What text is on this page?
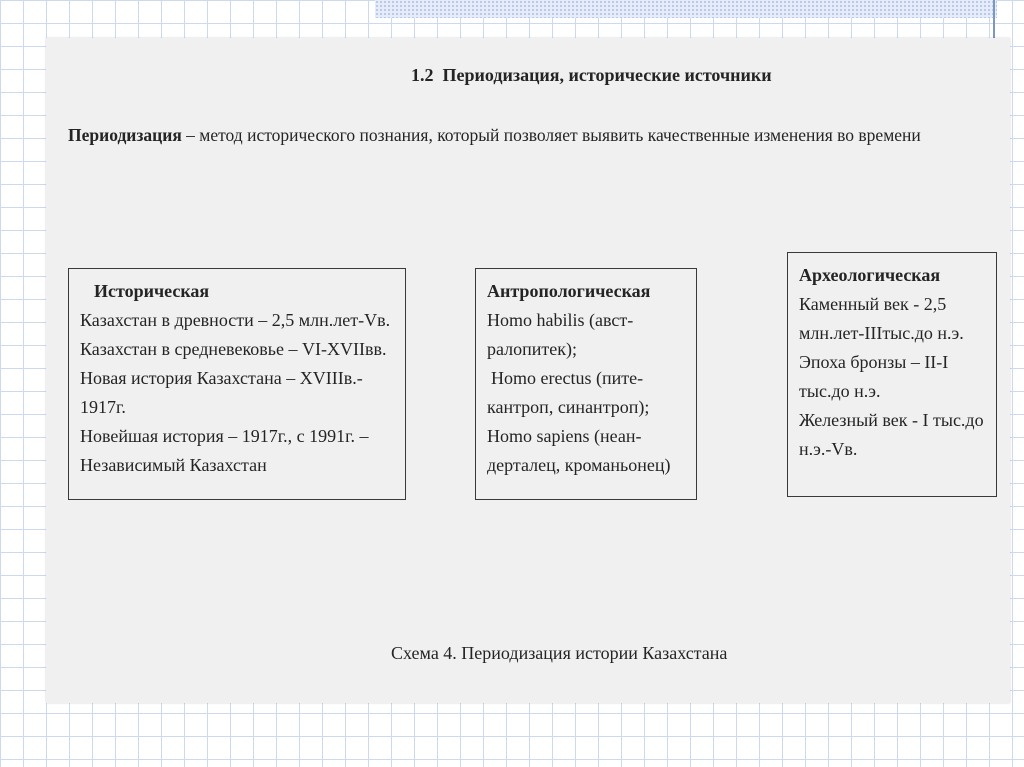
1.2  Периодизация, исторические источники
Периодизация – метод исторического познания, который позволяет выявить качественные изменения во времени
Историческая
Казахстан в древности – 2,5 млн.лет-Vв.
Казахстан в средневековье – VI-XVIIвв.
Новая история Казахстана – XVIIIв.-
1917г.
Новейшая история – 1917г., с 1991г. –
Независимый Казахстан
Антропологическая
Homo habilis (авст-
ралопитек);
Homo erectus (пите-
кантроп, синантроп);
Homo sapiens (неан-
дерталец, кроманьонец)
Археологическая
Каменный век - 2,5
млн.лет-IIIтыс.до н.э.
Эпоха бронзы – II-I
тыс.до н.э.
Железный век - I тыс.до
н.э.-Vв.
Схема 4. Периодизация истории Казахстана
